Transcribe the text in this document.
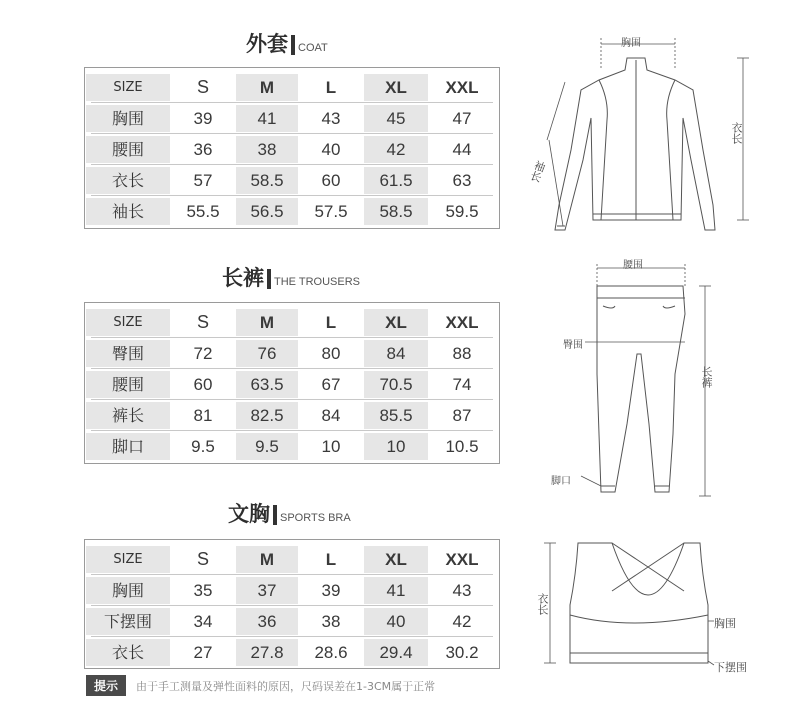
外套 COAT
SIZE	S	M	L	XL	XXL
胸围	39	41	43	45	47
腰围	36	38	40	42	44
衣长	57	58.5	60	61.5	63
袖长	55.5	56.5	57.5	58.5	59.5
长裤 THE TROUSERS
SIZE	S	M	L	XL	XXL
臀围	72	76	80	84	88
腰围	60	63.5	67	70.5	74
裤长	81	82.5	84	85.5	87
脚口	9.5	9.5	10	10	10.5
文胸 SPORTS BRA
SIZE	S	M	L	XL	XXL
胸围	35	37	39	41	43
下摆围	34	36	38	40	42
衣长	27	27.8	28.6	29.4	30.2
提示	由于手工测量及弹性面料的原因，尺码误差在1-3CM属于正常
胸围
衣长
袖长
腰围
臀围
长裤
脚口
衣长
胸围
下摆围
